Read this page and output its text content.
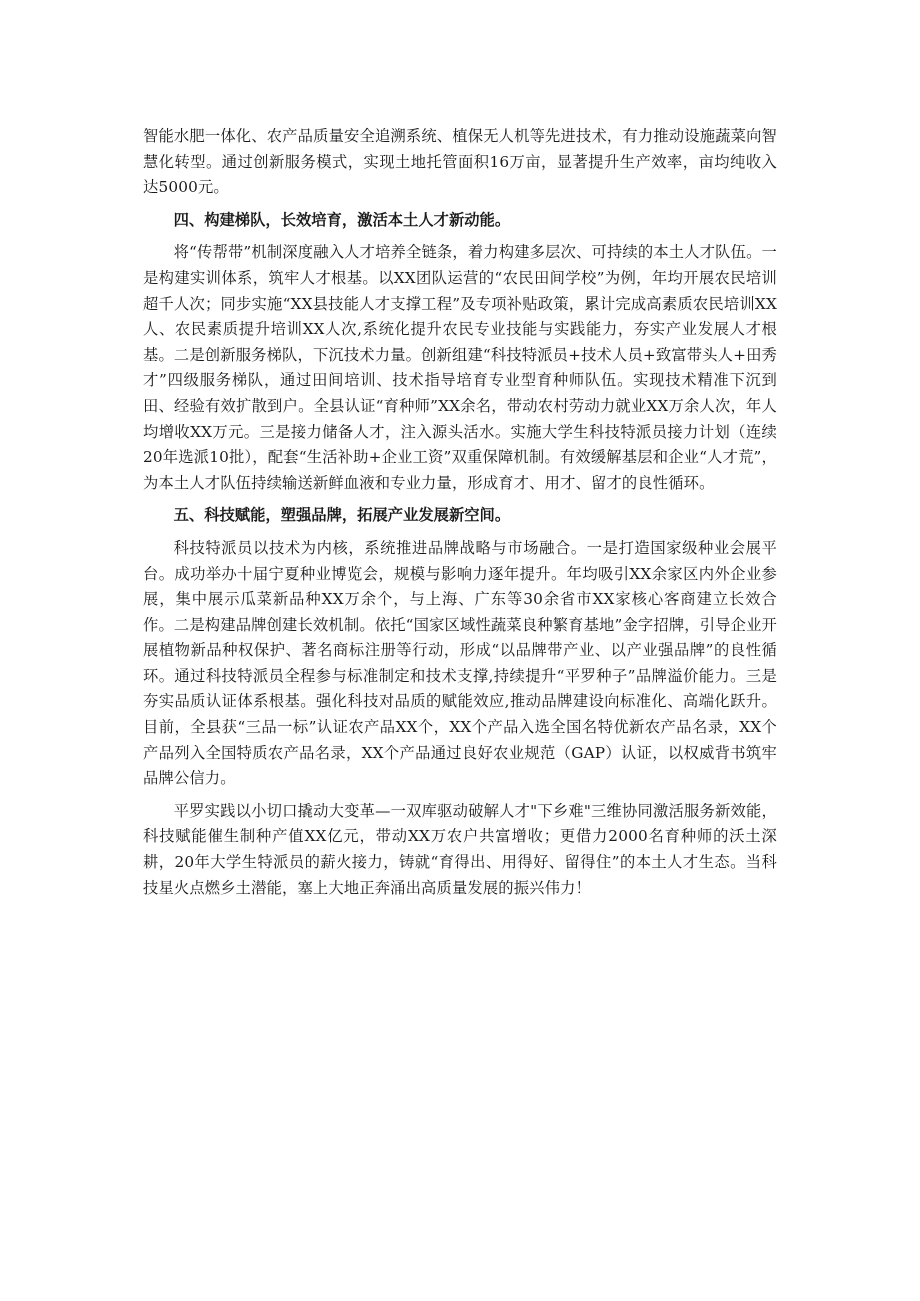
智能水肥一体化、农产品质量安全追溯系统、植保无人机等先进技术，有力推动设施蔬菜向智慧化转型。通过创新服务模式，实现土地托管面积16万亩，显著提升生产效率，亩均纯收入达5000元。

四、构建梯队，长效培育，激活本土人才新动能。

将“传帮带”机制深度融入人才培养全链条，着力构建多层次、可持续的本土人才队伍。一是构建实训体系，筑牢人才根基。以XX团队运营的“农民田间学校”为例，年均开展农民培训超千人次；同步实施“XX县技能人才支撑工程”及专项补贴政策，累计完成高素质农民培训XX人、农民素质提升培训XX人次,系统化提升农民专业技能与实践能力，夯实产业发展人才根基。二是创新服务梯队，下沉技术力量。创新组建“科技特派员+技术人员+致富带头人+田秀才”四级服务梯队，通过田间培训、技术指导培育专业型育种师队伍。实现技术精准下沉到田、经验有效扩散到户。全县认证“育种师”XX余名，带动农村劳动力就业XX万余人次，年人均增收XX万元。三是接力储备人才，注入源头活水。实施大学生科技特派员接力计划（连续20年选派10批），配套“生活补助+企业工资”双重保障机制。有效缓解基层和企业“人才荒”，为本土人才队伍持续输送新鲜血液和专业力量，形成育才、用才、留才的良性循环。

五、科技赋能，塑强品牌，拓展产业发展新空间。

科技特派员以技术为内核，系统推进品牌战略与市场融合。一是打造国家级种业会展平台。成功举办十届宁夏种业博览会，规模与影响力逐年提升。年均吸引XX余家区内外企业参展，集中展示瓜菜新品种XX万余个，与上海、广东等30余省市XX家核心客商建立长效合作。二是构建品牌创建长效机制。依托“国家区域性蔬菜良种繁育基地”金字招牌，引导企业开展植物新品种权保护、著名商标注册等行动，形成“以品牌带产业、以产业强品牌”的良性循环。通过科技特派员全程参与标准制定和技术支撑,持续提升“平罗种子”品牌溢价能力。三是夯实品质认证体系根基。强化科技对品质的赋能效应,推动品牌建设向标准化、高端化跃升。目前，全县获“三品一标”认证农产品XX个，XX个产品入选全国名特优新农产品名录，XX个产品列入全国特质农产品名录，XX个产品通过良好农业规范（GAP）认证，以权威背书筑牢品牌公信力。

平罗实践以小切口撬动大变革—一双库驱动破解人才"下乡难"三维协同激活服务新效能，科技赋能催生制种产值XX亿元，带动XX万农户共富增收；更借力2000名育种师的沃土深耕，20年大学生特派员的薪火接力，铸就“育得出、用得好、留得住”的本土人才生态。当科技星火点燃乡土潜能，塞上大地正奔涌出高质量发展的振兴伟力！
